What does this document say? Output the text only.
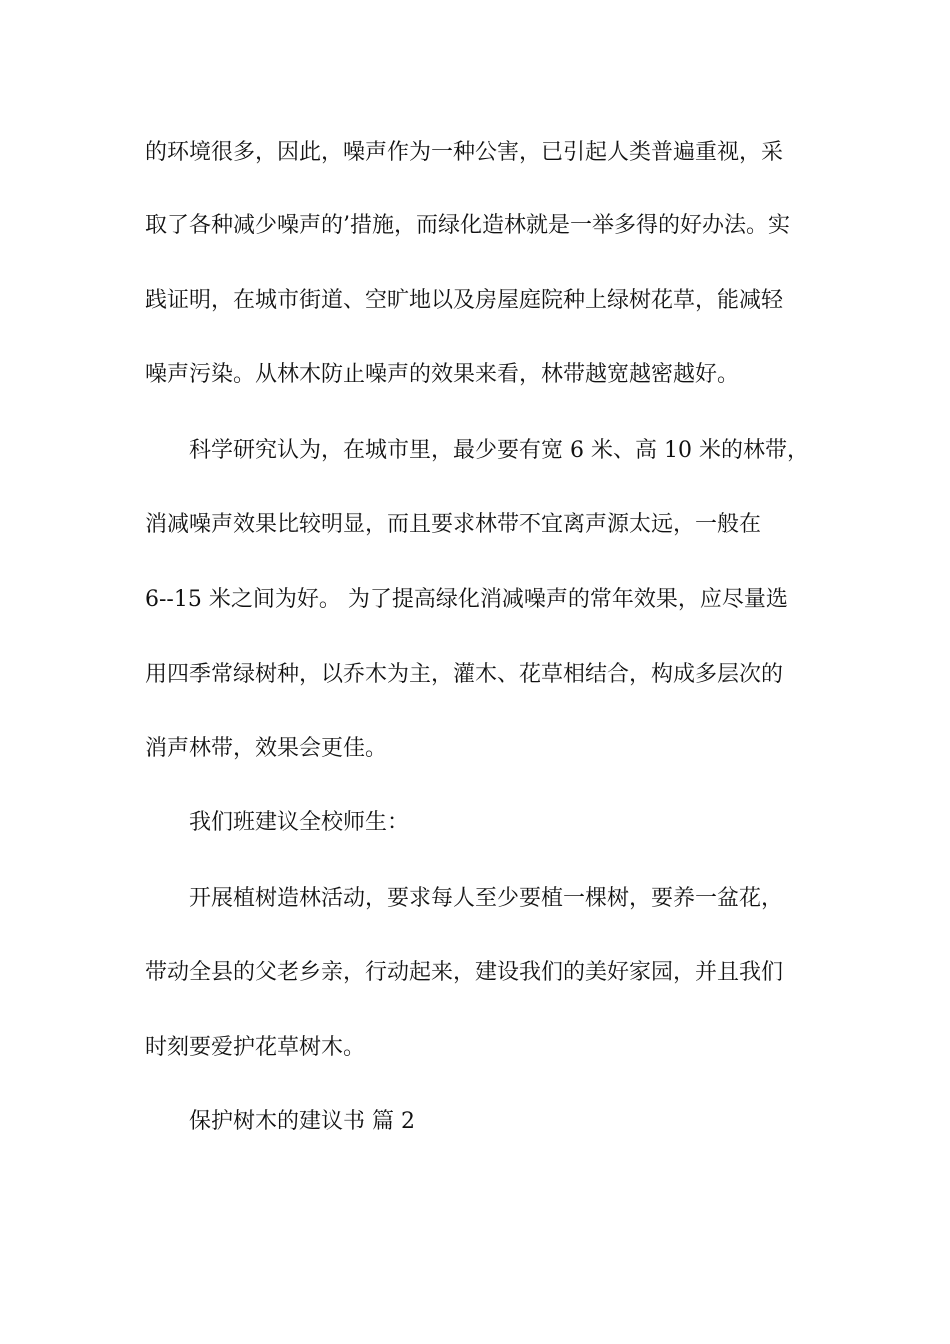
的环境很多，因此，噪声作为一种公害，已引起人类普遍重视，采
取了各种减少噪声的’措施，而绿化造林就是一举多得的好办法。实
践证明，在城市街道、空旷地以及房屋庭院种上绿树花草，能减轻
噪声污染。从林木防止噪声的效果来看，林带越宽越密越好。
科学研究认为，在城市里，最少要有宽 6 米、高 10 米的林带，
消减噪声效果比较明显，而且要求林带不宜离声源太远，一般在
6--15 米之间为好。 为了提高绿化消减噪声的常年效果，应尽量选
用四季常绿树种，以乔木为主，灌木、花草相结合，构成多层次的
消声林带，效果会更佳。
我们班建议全校师生：
开展植树造林活动，要求每人至少要植一棵树，要养一盆花，
带动全县的父老乡亲，行动起来，建设我们的美好家园，并且我们
时刻要爱护花草树木。
保护树木的建议书 篇 2
